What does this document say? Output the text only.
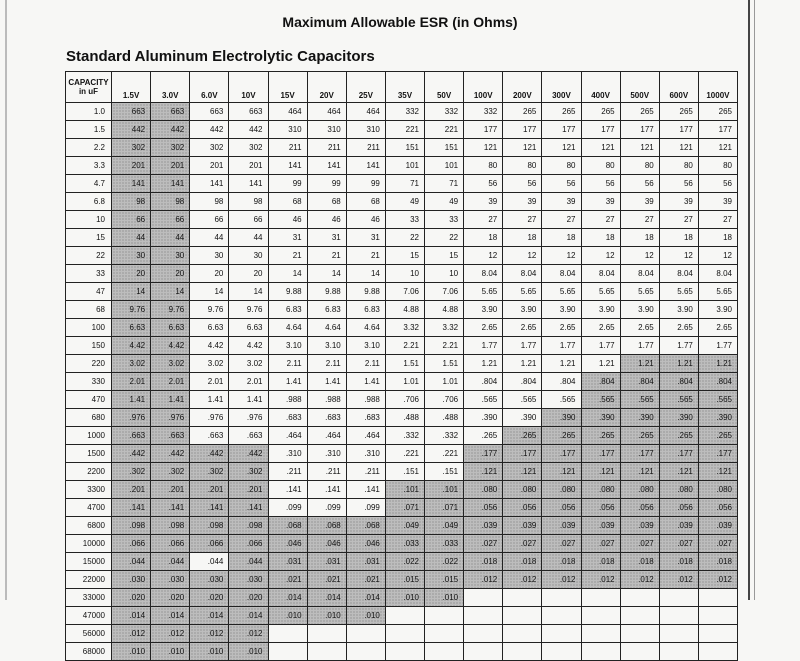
Maximum Allowable ESR (in Ohms)
Standard Aluminum Electrolytic Capacitors
CAPACITY
in uF	1.5V	3.0V	6.0V	10V	15V	20V	25V	35V	50V	100V	200V	300V	400V	500V	600V	1000V
1.0	663	663	663	663	464	464	464	332	332	332	265	265	265	265	265	265
1.5	442	442	442	442	310	310	310	221	221	177	177	177	177	177	177	177
2.2	302	302	302	302	211	211	211	151	151	121	121	121	121	121	121	121
3.3	201	201	201	201	141	141	141	101	101	80	80	80	80	80	80	80
4.7	141	141	141	141	99	99	99	71	71	56	56	56	56	56	56	56
6.8	98	98	98	98	68	68	68	49	49	39	39	39	39	39	39	39
10	66	66	66	66	46	46	46	33	33	27	27	27	27	27	27	27
15	44	44	44	44	31	31	31	22	22	18	18	18	18	18	18	18
22	30	30	30	30	21	21	21	15	15	12	12	12	12	12	12	12
33	20	20	20	20	14	14	14	10	10	8.04	8.04	8.04	8.04	8.04	8.04	8.04
47	14	14	14	14	9.88	9.88	9.88	7.06	7.06	5.65	5.65	5.65	5.65	5.65	5.65	5.65
68	9.76	9.76	9.76	9.76	6.83	6.83	6.83	4.88	4.88	3.90	3.90	3.90	3.90	3.90	3.90	3.90
100	6.63	6.63	6.63	6.63	4.64	4.64	4.64	3.32	3.32	2.65	2.65	2.65	2.65	2.65	2.65	2.65
150	4.42	4.42	4.42	4.42	3.10	3.10	3.10	2.21	2.21	1.77	1.77	1.77	1.77	1.77	1.77	1.77
220	3.02	3.02	3.02	3.02	2.11	2.11	2.11	1.51	1.51	1.21	1.21	1.21	1.21	1.21	1.21	1.21
330	2.01	2.01	2.01	2.01	1.41	1.41	1.41	1.01	1.01	.804	.804	.804	.804	.804	.804	.804
470	1.41	1.41	1.41	1.41	.988	.988	.988	.706	.706	.565	.565	.565	.565	.565	.565	.565
680	.976	.976	.976	.976	.683	.683	.683	.488	.488	.390	.390	.390	.390	.390	.390	.390
1000	.663	.663	.663	.663	.464	.464	.464	.332	.332	.265	.265	.265	.265	.265	.265	.265
1500	.442	.442	.442	.442	.310	.310	.310	.221	.221	.177	.177	.177	.177	.177	.177	.177
2200	.302	.302	.302	.302	.211	.211	.211	.151	.151	.121	.121	.121	.121	.121	.121	.121
3300	.201	.201	.201	.201	.141	.141	.141	.101	.101	.080	.080	.080	.080	.080	.080	.080
4700	.141	.141	.141	.141	.099	.099	.099	.071	.071	.056	.056	.056	.056	.056	.056	.056
6800	.098	.098	.098	.098	.068	.068	.068	.049	.049	.039	.039	.039	.039	.039	.039	.039
10000	.066	.066	.066	.066	.046	.046	.046	.033	.033	.027	.027	.027	.027	.027	.027	.027
15000	.044	.044	.044	.044	.031	.031	.031	.022	.022	.018	.018	.018	.018	.018	.018	.018
22000	.030	.030	.030	.030	.021	.021	.021	.015	.015	.012	.012	.012	.012	.012	.012	.012
33000	.020	.020	.020	.020	.014	.014	.014	.010	.010							
47000	.014	.014	.014	.014	.010	.010	.010									
56000	.012	.012	.012	.012												
68000	.010	.010	.010	.010												
